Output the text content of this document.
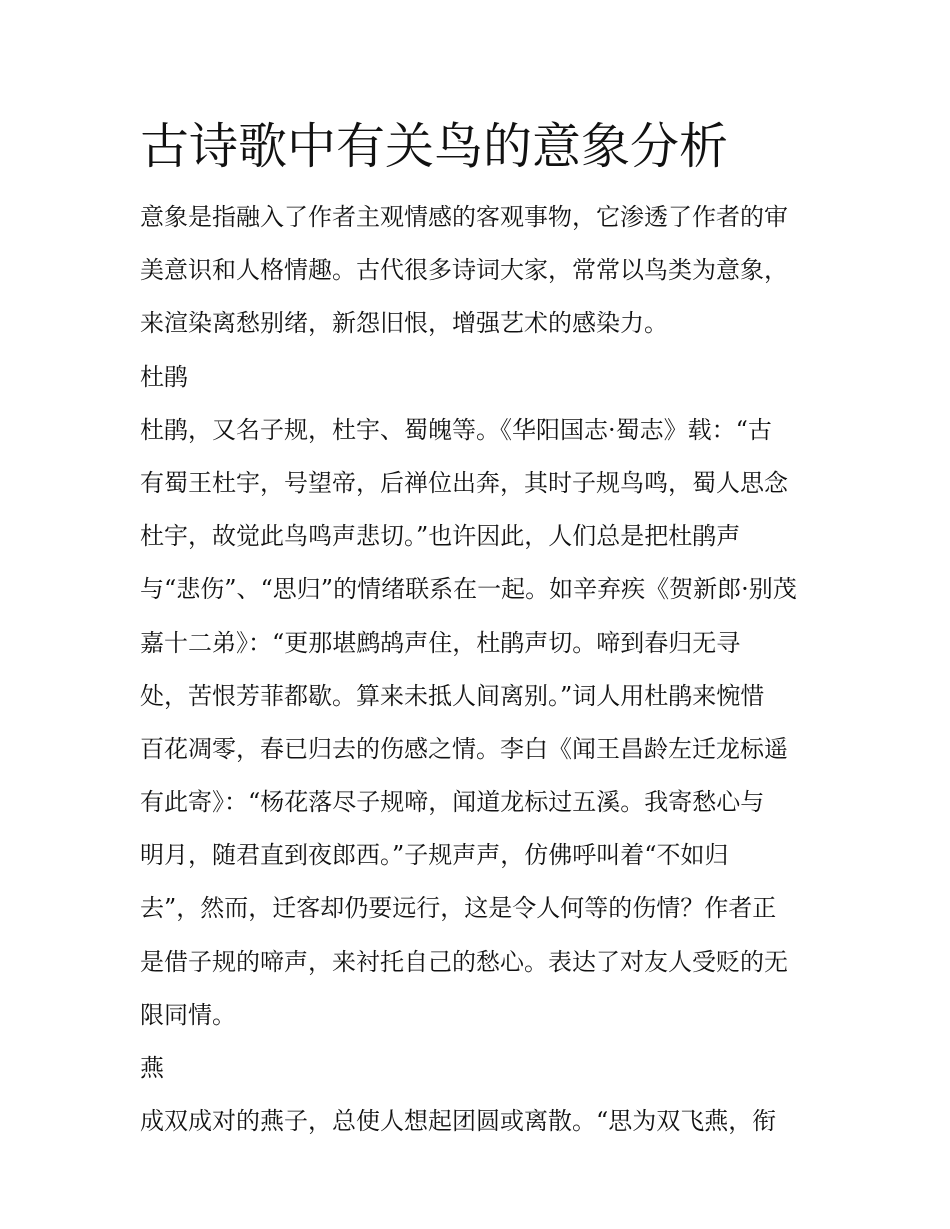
古诗歌中有关鸟的意象分析
意象是指融入了作者主观情感的客观事物，它渗透了作者的审
美意识和人格情趣。古代很多诗词大家，常常以鸟类为意象，
来渲染离愁别绪，新怨旧恨，增强艺术的感染力。
杜鹃
杜鹃，又名子规，杜宇、蜀魄等。《华阳国志·蜀志》载：“古
有蜀王杜宇，号望帝，后禅位出奔，其时子规鸟鸣，蜀人思念
杜宇，故觉此鸟鸣声悲切。”也许因此，人们总是把杜鹃声
与“悲伤”、“思归”的情绪联系在一起。如辛弃疾《贺新郎·别茂
嘉十二弟》：“更那堪鹧鸪声住，杜鹃声切。啼到春归无寻
处，苦恨芳菲都歇。算来未抵人间离别。”词人用杜鹃来惋惜
百花凋零，春已归去的伤感之情。李白《闻王昌龄左迁龙标遥
有此寄》：“杨花落尽子规啼，闻道龙标过五溪。我寄愁心与
明月，随君直到夜郎西。”子规声声，仿佛呼叫着“不如归
去”，然而，迁客却仍要远行，这是令人何等的伤情？作者正
是借子规的啼声，来衬托自己的愁心。表达了对友人受贬的无
限同情。
燕
成双成对的燕子，总使人想起团圆或离散。“思为双飞燕，衔
